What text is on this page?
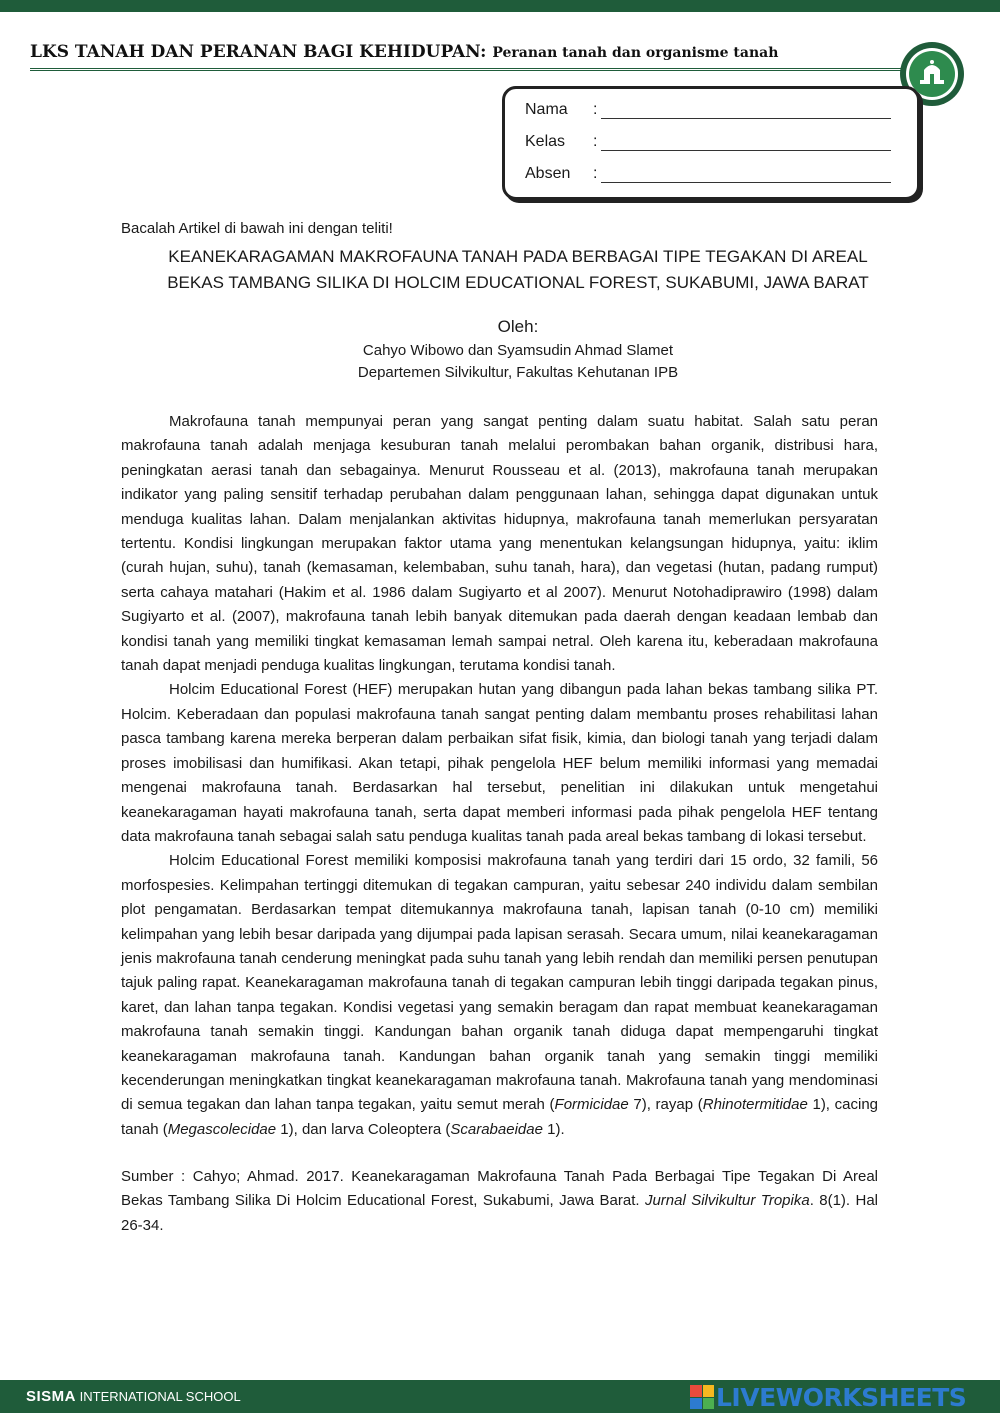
LKS TANAH DAN PERANAN BAGI KEHIDUPAN: Peranan tanah dan organisme tanah
Nama	:
Kelas	:
Absen	:
Bacalah Artikel di bawah ini dengan teliti!
KEANEKARAGAMAN MAKROFAUNA TANAH PADA BERBAGAI TIPE TEGAKAN DI AREAL
BEKAS TAMBANG SILIKA DI HOLCIM EDUCATIONAL FOREST, SUKABUMI, JAWA BARAT
Oleh:
Cahyo Wibowo dan Syamsudin Ahmad Slamet
Departemen Silvikultur, Fakultas Kehutanan IPB

Makrofauna tanah mempunyai peran yang sangat penting dalam suatu habitat. Salah satu peran makrofauna tanah adalah menjaga kesuburan tanah melalui perombakan bahan organik, distribusi hara, peningkatan aerasi tanah dan sebagainya. Menurut Rousseau et al. (2013), makrofauna tanah merupakan indikator yang paling sensitif terhadap perubahan dalam penggunaan lahan, sehingga dapat digunakan untuk menduga kualitas lahan. Dalam menjalankan aktivitas hidupnya, makrofauna tanah memerlukan persyaratan tertentu. Kondisi lingkungan merupakan faktor utama yang menentukan kelangsungan hidupnya, yaitu: iklim (curah hujan, suhu), tanah (kemasaman, kelembaban, suhu tanah, hara), dan vegetasi (hutan, padang rumput) serta cahaya matahari (Hakim et al. 1986 dalam Sugiyarto et al 2007). Menurut Notohadiprawiro (1998) dalam Sugiyarto et al. (2007), makrofauna tanah lebih banyak ditemukan pada daerah dengan keadaan lembab dan kondisi tanah yang memiliki tingkat kemasaman lemah sampai netral. Oleh karena itu, keberadaan makrofauna tanah dapat menjadi penduga kualitas lingkungan, terutama kondisi tanah.

Holcim Educational Forest (HEF) merupakan hutan yang dibangun pada lahan bekas tambang silika PT. Holcim. Keberadaan dan populasi makrofauna tanah sangat penting dalam membantu proses rehabilitasi lahan pasca tambang karena mereka berperan dalam perbaikan sifat fisik, kimia, dan biologi tanah yang terjadi dalam proses imobilisasi dan humifikasi. Akan tetapi, pihak pengelola HEF belum memiliki informasi yang memadai mengenai makrofauna tanah. Berdasarkan hal tersebut, penelitian ini dilakukan untuk mengetahui keanekaragaman hayati makrofauna tanah, serta dapat memberi informasi pada pihak pengelola HEF tentang data makrofauna tanah sebagai salah satu penduga kualitas tanah pada areal bekas tambang di lokasi tersebut.

Holcim Educational Forest memiliki komposisi makrofauna tanah yang terdiri dari 15 ordo, 32 famili, 56 morfospesies. Kelimpahan tertinggi ditemukan di tegakan campuran, yaitu sebesar 240 individu dalam sembilan plot pengamatan. Berdasarkan tempat ditemukannya makrofauna tanah, lapisan tanah (0-10 cm) memiliki kelimpahan yang lebih besar daripada yang dijumpai pada lapisan serasah. Secara umum, nilai keanekaragaman jenis makrofauna tanah cenderung meningkat pada suhu tanah yang lebih rendah dan memiliki persen penutupan tajuk paling rapat. Keanekaragaman makrofauna tanah di tegakan campuran lebih tinggi daripada tegakan pinus, karet, dan lahan tanpa tegakan. Kondisi vegetasi yang semakin beragam dan rapat membuat keanekaragaman makrofauna tanah semakin tinggi. Kandungan bahan organik tanah diduga dapat mempengaruhi tingkat keanekaragaman makrofauna tanah. Kandungan bahan organik tanah yang semakin tinggi memiliki kecenderungan meningkatkan tingkat keanekaragaman makrofauna tanah. Makrofauna tanah yang mendominasi di semua tegakan dan lahan tanpa tegakan, yaitu semut merah (Formicidae 7), rayap (Rhinotermitidae 1), cacing tanah (Megascolecidae 1), dan larva Coleoptera (Scarabaeidae 1).

Sumber : Cahyo; Ahmad. 2017. Keanekaragaman Makrofauna Tanah Pada Berbagai Tipe Tegakan Di Areal Bekas Tambang Silika Di Holcim Educational Forest, Sukabumi, Jawa Barat. Jurnal Silvikultur Tropika. 8(1). Hal 26-34.
SISMA INTERNATIONAL SCHOOL	LIVEWORKSHEETS
